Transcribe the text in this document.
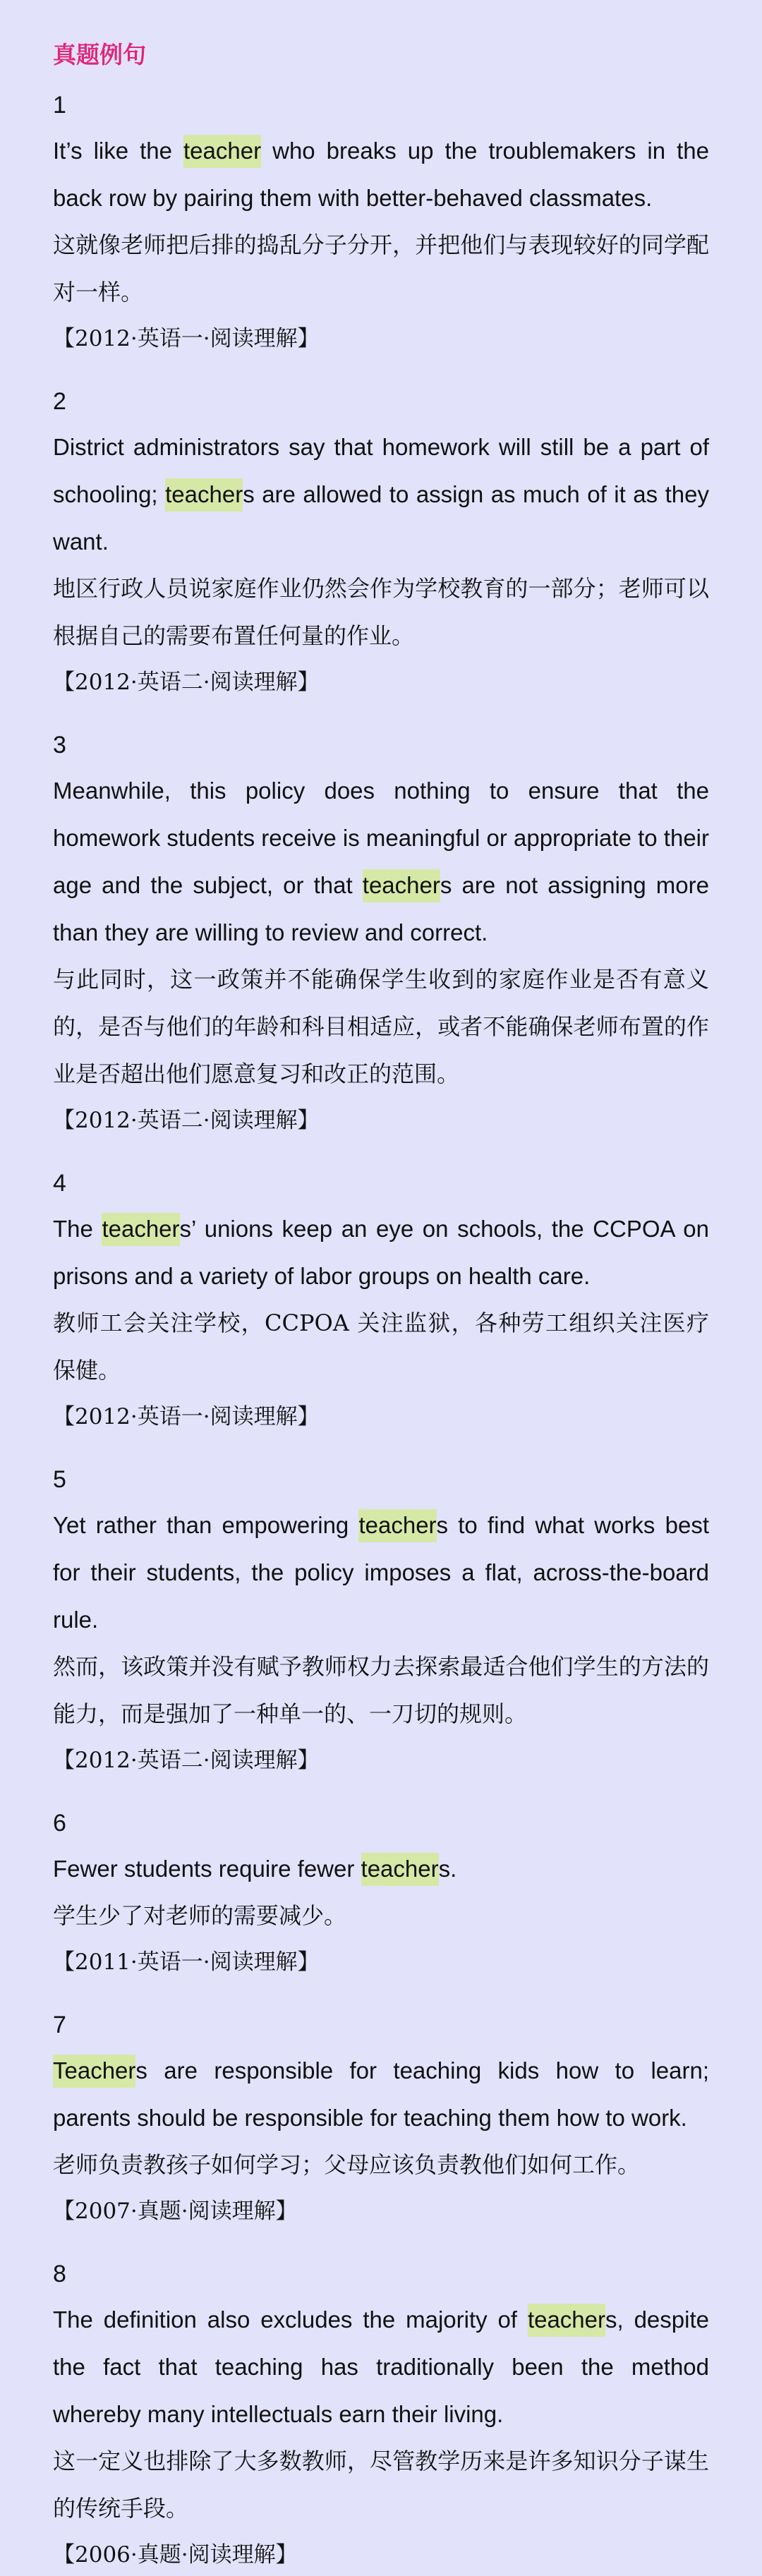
真题例句
1

It’s like the teacher who breaks up the troublemakers in the back row by pairing them with better-behaved classmates.

这就像老师把后排的捣乱分子分开，并把他们与表现较好的同学配对一样。

【2012·英语一·阅读理解】
2

District administrators say that homework will still be a part of schooling; teachers are allowed to assign as much of it as they want.

地区行政人员说家庭作业仍然会作为学校教育的一部分；老师可以根据自己的需要布置任何量的作业。

【2012·英语二·阅读理解】
3

Meanwhile, this policy does nothing to ensure that the homework students receive is meaningful or appropriate to their age and the subject, or that teachers are not assigning more than they are willing to review and correct.

与此同时，这一政策并不能确保学生收到的家庭作业是否有意义的，是否与他们的年龄和科目相适应，或者不能确保老师布置的作业是否超出他们愿意复习和改正的范围。

【2012·英语二·阅读理解】
4

The teachers’ unions keep an eye on schools, the CCPOA on prisons and a variety of labor groups on health care.

教师工会关注学校，CCPOA 关注监狱，各种劳工组织关注医疗保健。

【2012·英语一·阅读理解】
5

Yet rather than empowering teachers to find what works best for their students, the policy imposes a flat, across-the-board rule.

然而，该政策并没有赋予教师权力去探索最适合他们学生的方法的能力，而是强加了一种单一的、一刀切的规则。

【2012·英语二·阅读理解】
6

Fewer students require fewer teachers.

学生少了对老师的需要减少。

【2011·英语一·阅读理解】
7

Teachers are responsible for teaching kids how to learn; parents should be responsible for teaching them how to work.

老师负责教孩子如何学习；父母应该负责教他们如何工作。

【2007·真题·阅读理解】
8

The definition also excludes the majority of teachers, despite the fact that teaching has traditionally been the method whereby many intellectuals earn their living.

这一定义也排除了大多数教师，尽管教学历来是许多知识分子谋生的传统手段。

【2006·真题·阅读理解】
